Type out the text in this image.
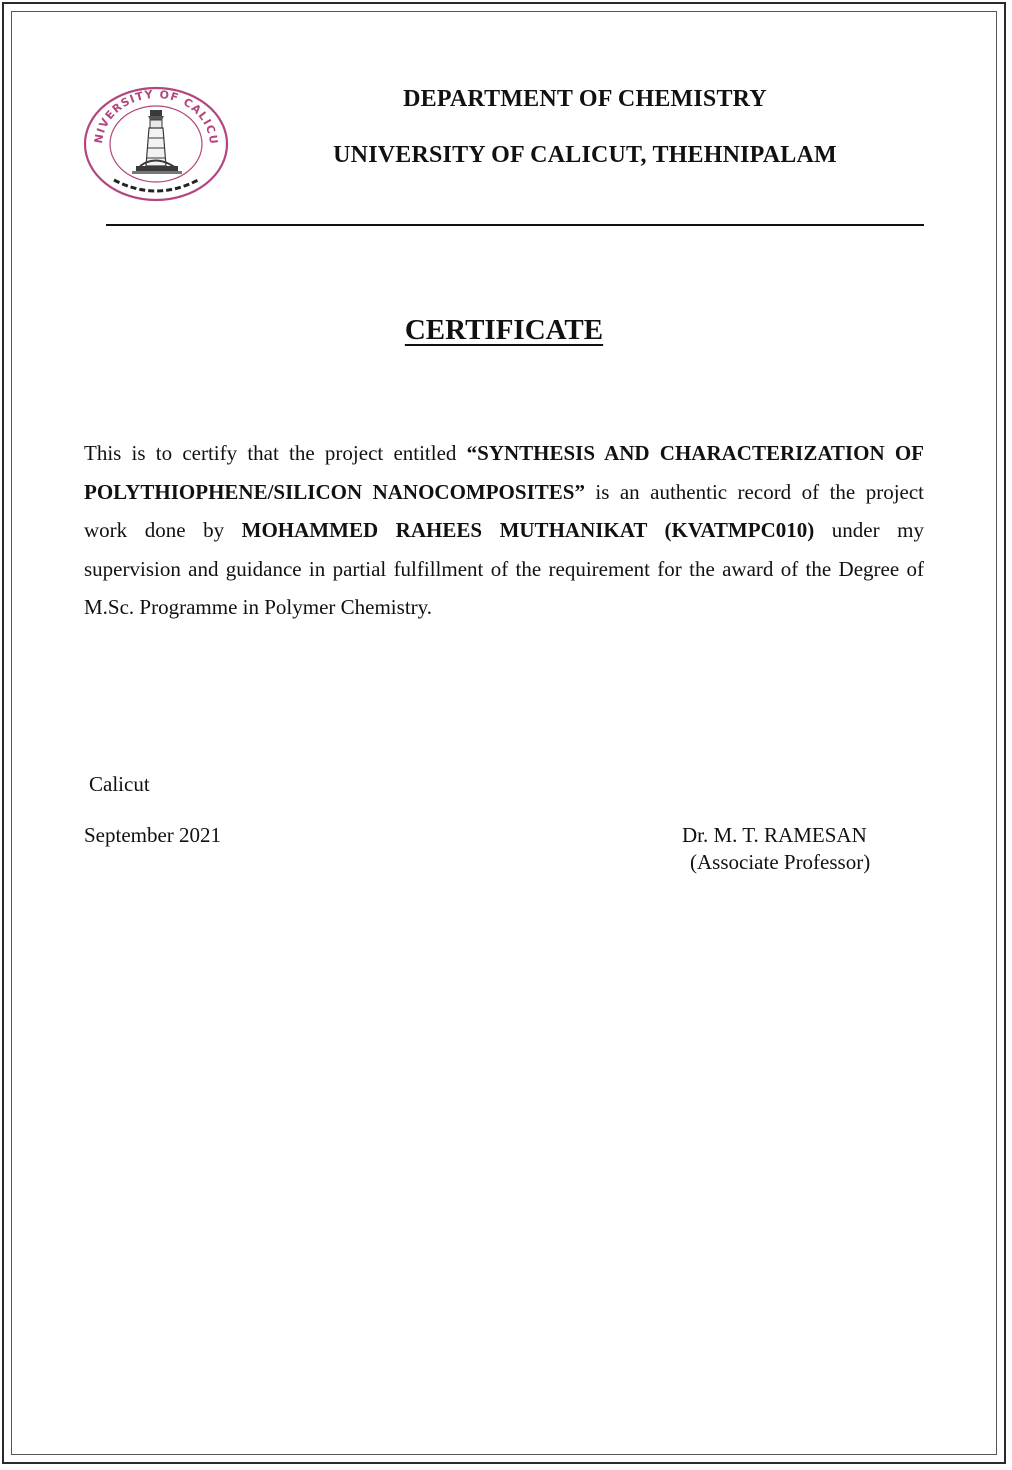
NIVERSITY OF CALICU
DEPARTMENT OF CHEMISTRY
UNIVERSITY OF CALICUT, THEHNIPALAM
CERTIFICATE
This is to certify that the project entitled “SYNTHESIS AND CHARACTERIZATION OF POLYTHIOPHENE/SILICON NANOCOMPOSITES” is an authentic record of the project work done by MOHAMMED RAHEES MUTHANIKAT (KVATMPC010) under my supervision and guidance in partial fulfillment of the requirement for the award of the Degree of M.Sc. Programme in Polymer Chemistry.
Calicut
September 2021	Dr. M. T. RAMESAN
(Associate Professor)
